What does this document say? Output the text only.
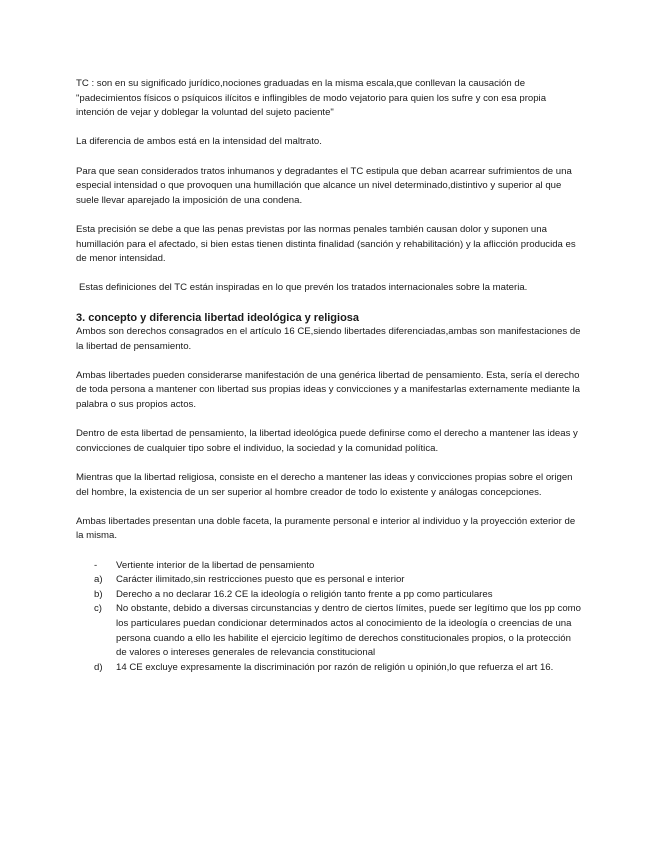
TC : son en su significado jurídico,nociones graduadas en la misma escala,que conllevan la causación de "padecimientos físicos o psíquicos ilícitos e inflingibles de modo vejatorio para quien los sufre y con esa propia intención de vejar y doblegar la voluntad del sujeto paciente"

La diferencia de ambos está en la intensidad del maltrato.

Para que sean considerados tratos inhumanos y degradantes el TC estipula que deban acarrear sufrimientos de una especial intensidad o que provoquen una humillación que alcance un nivel determinado,distintivo y superior al que suele llevar aparejado la imposición de una condena.

Esta precisión se debe a que las penas previstas por las normas penales también causan dolor y suponen una humillación para el afectado, si bien estas tienen distinta finalidad (sanción y rehabilitación) y la aflicción producida es de menor intensidad.

Estas definiciones del TC están inspiradas en lo que prevén los tratados internacionales sobre la materia.

3. concepto y diferencia libertad ideológica y religiosa

Ambos son derechos consagrados en el artículo 16 CE,siendo libertades diferenciadas,ambas son manifestaciones de la libertad de pensamiento.

Ambas libertades pueden considerarse manifestación de una genérica libertad de pensamiento. Esta, sería el derecho de toda persona a mantener con libertad sus propias ideas y convicciones y a manifestarlas externamente mediante la palabra o sus propios actos.

Dentro de esta libertad de pensamiento, la libertad ideológica puede definirse como el derecho a mantener las ideas y convicciones de cualquier tipo sobre el individuo, la sociedad y la comunidad política.

Mientras que la libertad religiosa, consiste en el derecho a mantener las ideas y convicciones propias sobre el origen del hombre, la existencia de un ser superior al hombre creador de todo lo existente y análogas concepciones.

Ambas libertades presentan una doble faceta, la puramente personal e interior al individuo y la proyección exterior de la misma.

-	Vertiente interior de la libertad de pensamiento
a)	Carácter ilimitado,sin restricciones puesto que es personal e interior
b)	Derecho a no declarar 16.2 CE la ideología o religión tanto frente a pp como particulares
c)	No obstante, debido a diversas circunstancias y dentro de ciertos límites, puede ser legítimo que los pp como los particulares puedan condicionar determinados actos al conocimiento de la ideología o creencias de una persona cuando a ello les habilite el ejercicio legítimo de derechos constitucionales propios, o la protección de valores o intereses generales de relevancia constitucional
d)	14 CE excluye expresamente la discriminación por razón de religión u opinión,lo que refuerza el art 16.
